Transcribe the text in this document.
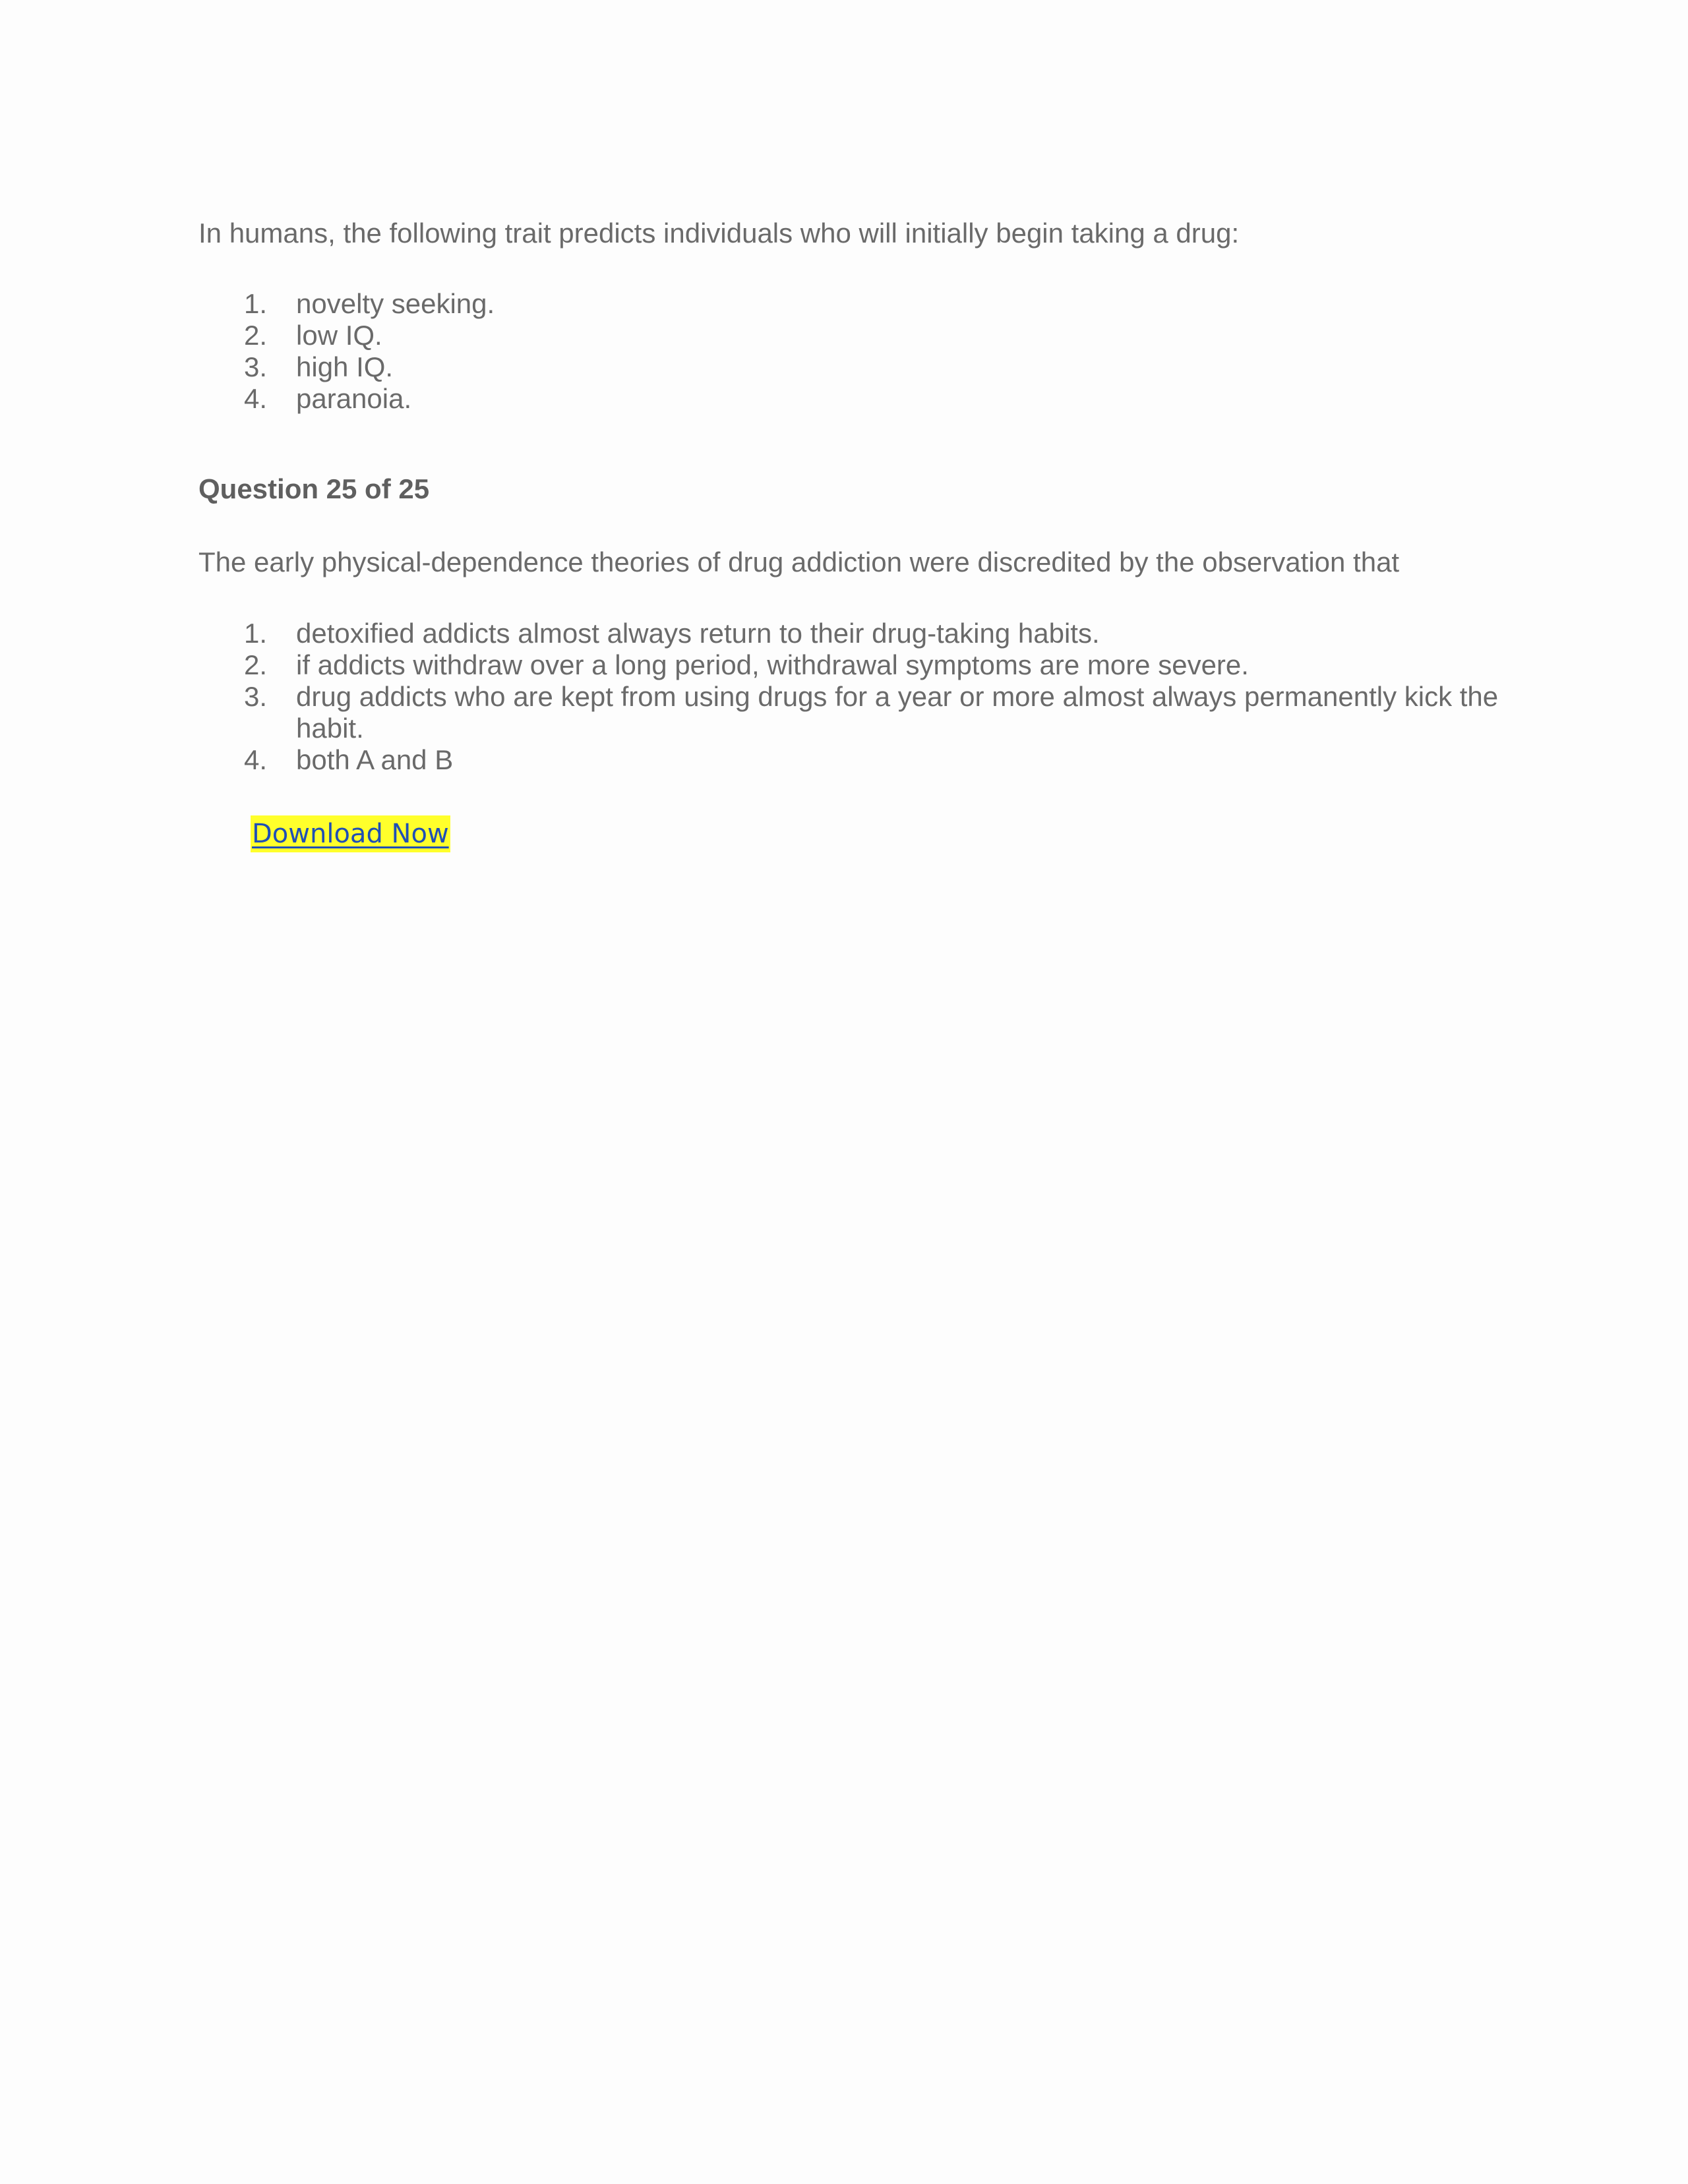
In humans, the following trait predicts individuals who will initially begin taking a drug:

1. novelty seeking.
2. low IQ.
3. high IQ.
4. paranoia.

Question 25 of 25

The early physical-dependence theories of drug addiction were discredited by the observation that

1. detoxified addicts almost always return to their drug-taking habits.
2. if addicts withdraw over a long period, withdrawal symptoms are more severe.
3. drug addicts who are kept from using drugs for a year or more almost always permanently kick the habit.
4. both A and B
Download Now
